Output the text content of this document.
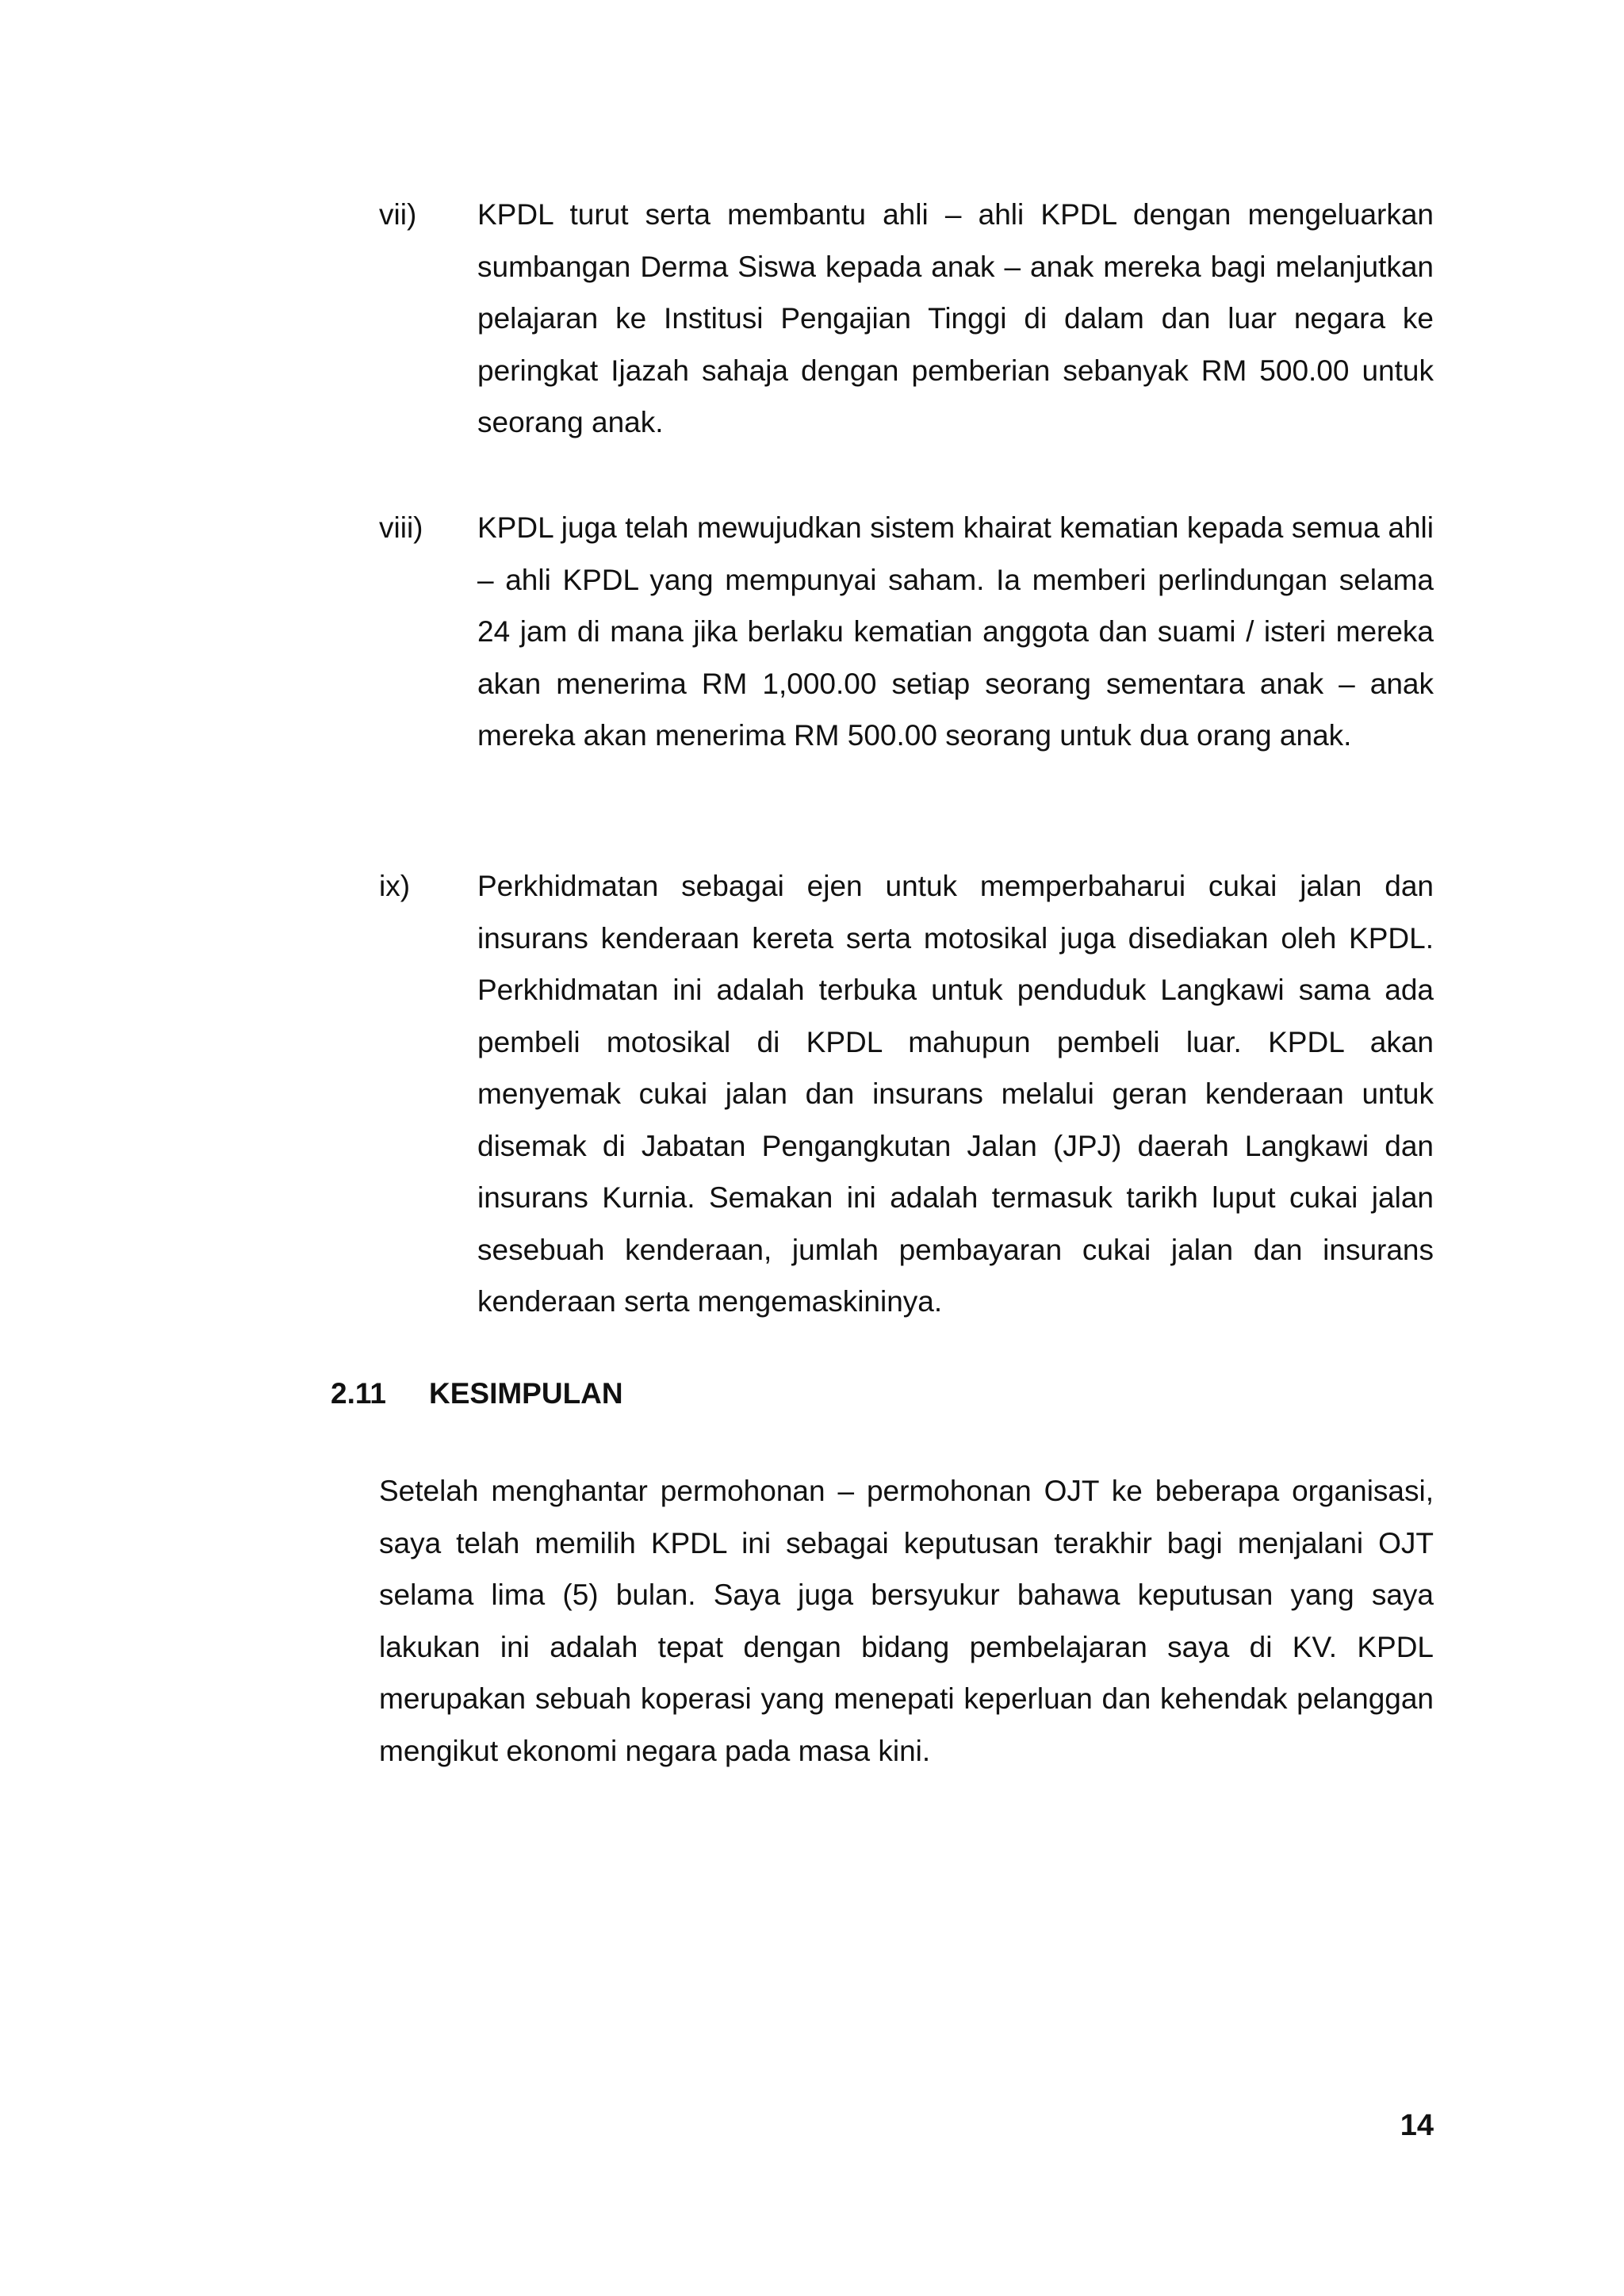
vii) KPDL turut serta membantu ahli – ahli KPDL dengan mengeluarkan sumbangan Derma Siswa kepada anak – anak mereka bagi melanjutkan pelajaran ke Institusi Pengajian Tinggi di dalam dan luar negara ke peringkat Ijazah sahaja dengan pemberian sebanyak RM 500.00 untuk seorang anak.

viii) KPDL juga telah mewujudkan sistem khairat kematian kepada semua ahli – ahli KPDL yang mempunyai saham. Ia memberi perlindungan selama 24 jam di mana jika berlaku kematian anggota dan suami / isteri mereka akan menerima RM 1,000.00 setiap seorang sementara anak – anak mereka akan menerima RM 500.00 seorang untuk dua orang anak.

ix) Perkhidmatan sebagai ejen untuk memperbaharui cukai jalan dan insurans kenderaan kereta serta motosikal juga disediakan oleh KPDL. Perkhidmatan ini adalah terbuka untuk penduduk Langkawi sama ada pembeli motosikal di KPDL mahupun pembeli luar. KPDL akan menyemak cukai jalan dan insurans melalui geran kenderaan untuk disemak di Jabatan Pengangkutan Jalan (JPJ) daerah Langkawi dan insurans Kurnia. Semakan ini adalah termasuk tarikh luput cukai jalan sesebuah kenderaan, jumlah pembayaran cukai jalan dan insurans kenderaan serta mengemaskininya.

2.11 KESIMPULAN

Setelah menghantar permohonan – permohonan OJT ke beberapa organisasi, saya telah memilih KPDL ini sebagai keputusan terakhir bagi menjalani OJT selama lima (5) bulan. Saya juga bersyukur bahawa keputusan yang saya lakukan ini adalah tepat dengan bidang pembelajaran saya di KV. KPDL merupakan sebuah koperasi yang menepati keperluan dan kehendak pelanggan mengikut ekonomi negara pada masa kini.

14
